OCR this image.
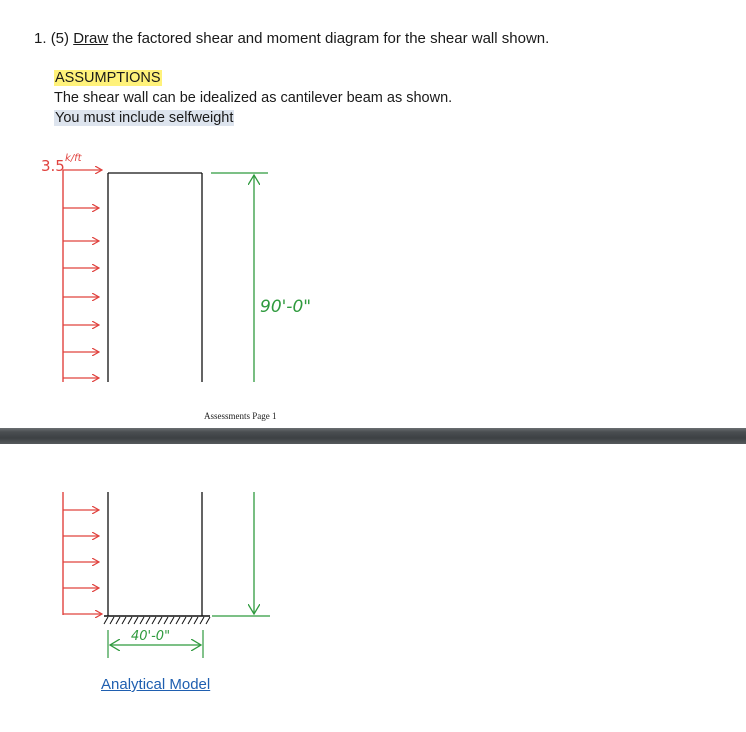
1. (5) Draw the factored shear and moment diagram for the shear wall shown.
ASSUMPTIONS
The shear wall can be idealized as cantilever beam as shown.
You must include selfweight
3.5 k/ft
90'-0"
40'-0"
Assessments Page 1
Analytical Model
